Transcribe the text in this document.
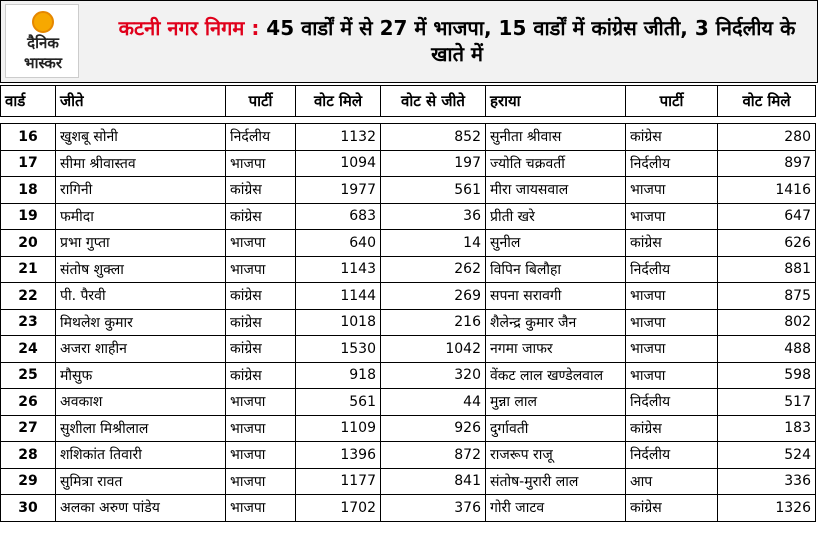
दैनिक
भास्कर
कटनी नगर निगम : 45 वार्डों में से 27 में भाजपा, 15 वार्डों में कांग्रेस जीती, 3 निर्दलीय के खाते में
वार्ड	जीते	पार्टी	वोट मिले	वोट से जीते	हराया	पार्टी	वोट मिले

16	खुशबू सोनी	निर्दलीय	1132	852	सुनीता श्रीवास	कांग्रेस	280
17	सीमा श्रीवास्तव	भाजपा	1094	197	ज्योति चक्रवर्ती	निर्दलीय	897
18	रागिनी	कांग्रेस	1977	561	मीरा जायसवाल	भाजपा	1416
19	फमीदा	कांग्रेस	683	36	प्रीती खरे	भाजपा	647
20	प्रभा गुप्ता	भाजपा	640	14	सुनील	कांग्रेस	626
21	संतोष शुक्ला	भाजपा	1143	262	विपिन बिलौहा	निर्दलीय	881
22	पी. पैरवी	कांग्रेस	1144	269	सपना सरावगी	भाजपा	875
23	मिथलेश कुमार	कांग्रेस	1018	216	शैलेन्द्र कुमार जैन	भाजपा	802
24	अजरा शाहीन	कांग्रेस	1530	1042	नगमा जाफर	भाजपा	488
25	मौसुफ	कांग्रेस	918	320	वेंकट लाल खण्डेलवाल	भाजपा	598
26	अवकाश	भाजपा	561	44	मुन्ना लाल	निर्दलीय	517
27	सुशीला मिश्रीलाल	भाजपा	1109	926	दुर्गावती	कांग्रेस	183
28	शशिकांत तिवारी	भाजपा	1396	872	राजरूप राजू	निर्दलीय	524
29	सुमित्रा रावत	भाजपा	1177	841	संतोष-मुरारी लाल	आप	336
30	अलका अरुण पांडेय	भाजपा	1702	376	गोरी जाटव	कांग्रेस	1326
